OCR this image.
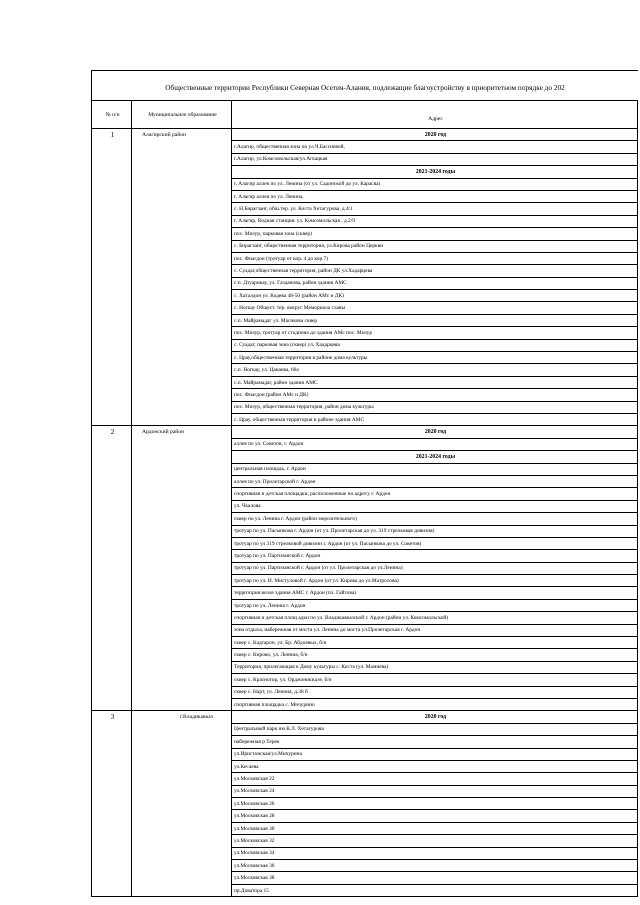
Общественные территории Республики Северная Осетия-Алания, подлежащие благоустройству в приоритетном порядке до 202
№ п/п	Муниципальное образование	Адрес
1	Алагирский район	2020 год
		г.Алагир, общественная зона по ул.Ч.Бассиевой,
		г.Алагир, ул.Комсомольская/ул.Агкацкая
		2021-2024 годы
		г. Алагир аллея по ул. Ленина (от ул. Садонской до ул. Карасва)
		г. Алагир аллея по ул. Ленина,
		с. Н.Бирагзанг, обш.тер. ул. Коста Хетагурова, д.4/1
		г. Алагир, Водная станция. ул. Комсомольская , д.2/9
		пос. Мизур, парковая зона (сквер)
		с. Бирагзанг, общественная территория, ул.Кирова район Церкви
		пос. Фиагдон (тротуар от кор. 4 до кор.7)
		с. Суадаг,общественная территория, район ДК ул.Хадарцева
		с.п. Дзуарикау, ул. Газданова, район здания АМС
		с. Хаталдон ул. Кодева 48-50 (район АМс и ДК)
		с. Ногкау Общест. тер. вокруг Мемориала славы
		с.п. Майрамадаг ул. Масикова сквер
		пос. Мизур, тротуар от стадиона до здания АМс пос. Мизур
		с. Суадаг, парковая зона (сквер) ул. Хадарцева
		с. Црау,общественная территория в районе дома культуры
		с.п. Ногкау, ул. Цанаева, 66а
		с.п. Майрамадаг, район здания АМС
		пос. Фиагдон (район АМс и ДК)
		пос. Мизур, общественная территория, район дома культуры
		с. Црау, общественная территория в районе здания АМС
2	Ардонский район	2020 год
		аллея по ул. Советов, г. Ардон
		2021-2024 годы
		центральная площадь, г. Ардон
		аллея по ул. Пролетарской г. Ардон
		спортивная и детская площадки, расположенные по адресу г. Ардон
		ул. Чкалова
		сквер по ул. Ленина г. Ардон (район морозительного)
		тротуар по ул. Пасынкова г. Ардон (от ул. Пролетарская до ул. 319 стрелковая дивизия)
		тротуар по ул 319 стрелковой дивизии г. Ардон (от ул. Пасынкова до ул. Советов)
		тротуар по ул. Партизанской г. Ардон
		тротуар по ул. Партизанской г. Ардон (от ул. Пролетарская до ул.Ленина)
		тротуар по ул. И. Мистуловой г. Ардон (от ул. Кирова до ул.Матросова)
		территория возле здания АМС г. Ардон (пл. Гайтова)
		тротуар по ул. Ленина г. Ардон
		спортивная и детская площ адки по ул. Владикавказской г. Ардон (район ул. Комсомольской)
		зона отдыха, набережная от моста ул. Ленина до моста ул.Пролетарская г. Ардон
		сквер с. Кадгарон, ул. Бр. Абдоевых, б/н
		сквер с. Кирово, ул. Ленина, б/н
		Территория, прилегающая к Дому культуры с. Коста (ул. Мамиева)
		сквер с. Красногор, ул. Орджоникидзе, б/н
		сквер с. Нарт, ул. Ленина, д.38 б
		спортивная площадка с. Мичурино
3	г.Владикавказ	2020 год
		Центральный парк им К.Л. Хетагурова
		набережная р.Терек
		ул.Иристонская/ул.Мичурина
		ул.Кесаева
		ул.Московская 22
		ул.Московская 24
		ул.Московская 26
		ул.Московская 28
		ул.Московская 30
		ул.Московская 32
		ул.Московская 34
		ул.Московская 36
		ул.Московская 38
		пр.Доватора 15
